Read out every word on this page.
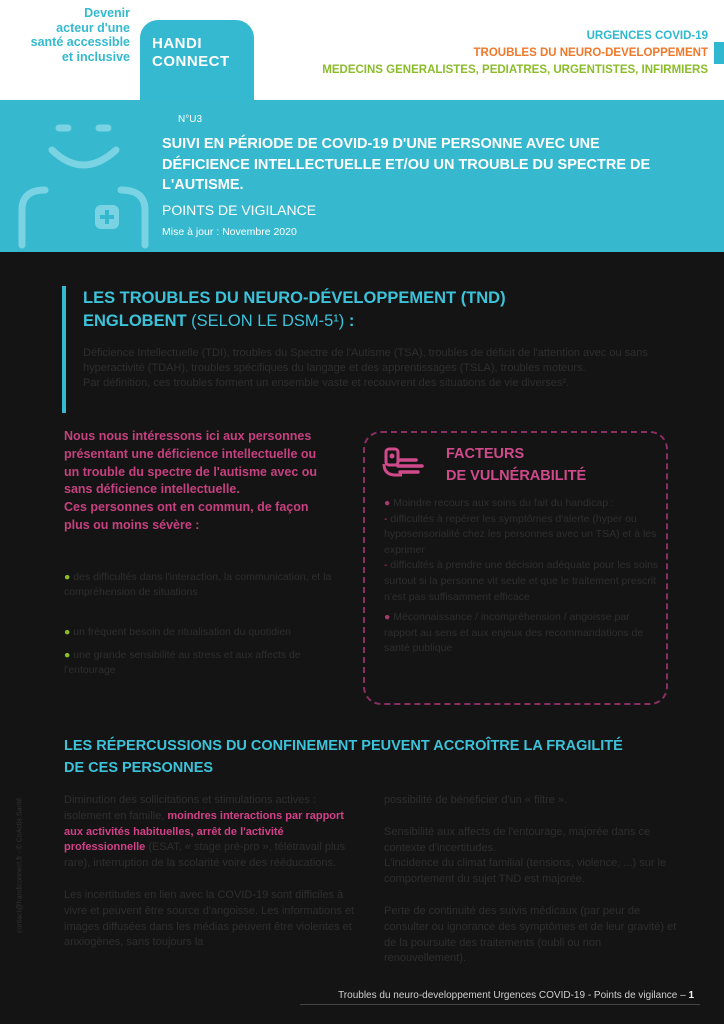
Devenir
acteur d'une
santé accessible
et inclusive
HANDI
CONNECT
URGENCES COVID-19
TROUBLES DU NEURO-DEVELOPPEMENT
MEDECINS GENERALISTES, PEDIATRES, URGENTISTES, INFIRMIERS
N°U3
SUIVI EN PÉRIODE DE COVID-19 D'UNE PERSONNE AVEC UNE DÉFICIENCE INTELLECTUELLE ET/OU UN TROUBLE DU SPECTRE DE L'AUTISME.
POINTS DE VIGILANCE
Mise à jour : Novembre 2020
LES TROUBLES DU NEURO-DÉVELOPPEMENT (TND)
ENGLOBENT (SELON LE DSM-5¹) :
Déficience Intellectuelle (TDI), troubles du Spectre de l'Autisme (TSA), troubles de déficit de l'attention avec ou sans hyperactivité (TDAH), troubles spécifiques du langage et des apprentissages (TSLA), troubles moteurs.
Par définition, ces troubles forment un ensemble vaste et recouvrent des situations de vie diverses².
Nous nous intéressons ici aux personnes présentant une déficience intellectuelle ou un trouble du spectre de l'autisme avec ou sans déficience intellectuelle.
Ces personnes ont en commun, de façon plus ou moins sévère :
● des difficultés dans l'interaction, la communication, et la compréhension de situations
● un fréquent besoin de ritualisation du quotidien
● une grande sensibilité au stress et aux affects de l'entourage
FACTEURS
DE VULNÉRABILITÉ
● Moindre recours aux soins du fait du handicap :
- difficultés à repérer les symptômes d'alerte (hyper ou hyposensorialité chez les personnes avec un TSA) et à les exprimer
- difficultés à prendre une décision adéquate pour les soins surtout si la personne vit seule et que le traitement prescrit n'est pas suffisamment efficace
● Méconnaissance / incompréhension / angoisse par rapport au sens et aux enjeux des recommandations de santé publique
LES RÉPERCUSSIONS DU CONFINEMENT PEUVENT ACCROÎTRE LA FRAGILITÉ DE CES PERSONNES
Diminution des sollicitations et stimulations actives : isolement en famille, moindres interactions par rapport aux activités habituelles, arrêt de l'activité professionnelle (ESAT, « stage pré-pro », télétravail plus rare), interruption de la scolarité voire des rééducations.
Les incertitudes en lien avec la COVID-19 sont difficiles à vivre et peuvent être source d'angoisse. Les informations et images diffusées dans les médias peuvent être violentes et anxiogènes, sans toujours la
possibilité de bénéficier d'un « filtre ».
Sensibilité aux affects de l'entourage, majorée dans ce contexte d'incertitudes.
L'incidence du climat familial (tensions, violence, ...) sur le comportement du sujet TND est majorée.
Perte de continuité des suivis médicaux (par peur de consulter ou ignorance des symptômes et de leur gravité) et de la poursuite des traitements (oubli ou non renouvellement).
contact@handiconnect.fr - © CoActis Santé
Troubles du neuro-developpement Urgences COVID-19 - Points de vigilance – 1
